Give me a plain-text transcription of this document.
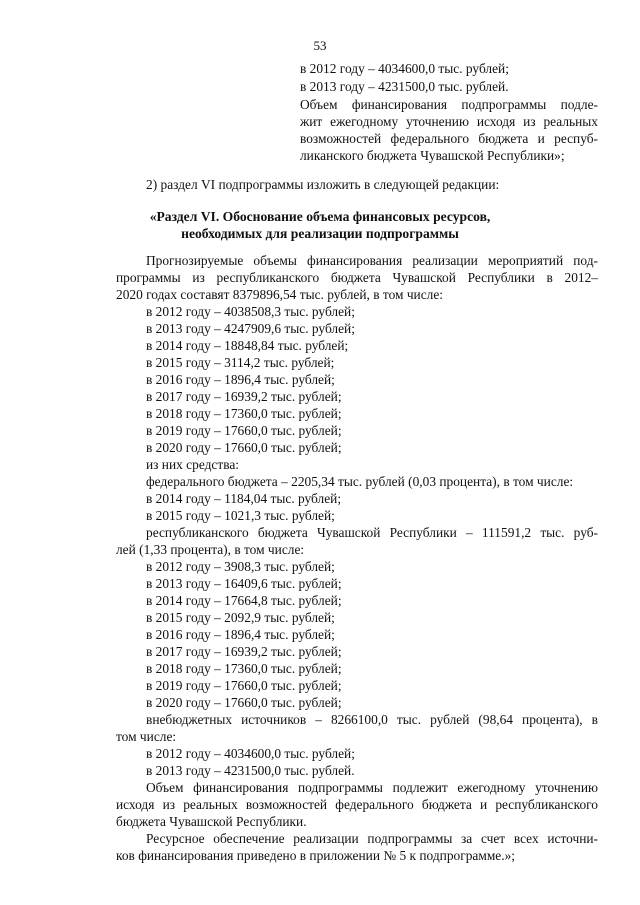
53
в 2012 году – 4034600,0 тыс. рублей;
в 2013 году – 4231500,0 тыс. рублей.
Объем финансирования подпрограммы подле-
жит ежегодному уточнению исходя из реальных
возможностей федерального бюджета и респуб-
ликанского бюджета Чувашской Республики»;
2) раздел VI подпрограммы изложить в следующей редакции:
«Раздел VI. Обоснование объема финансовых ресурсов,
необходимых для реализации подпрограммы
Прогнозируемые объемы финансирования реализации мероприятий под-
программы из республиканского бюджета Чувашской Республики в 2012–
2020 годах составят 8379896,54 тыс. рублей, в том числе:
в 2012 году – 4038508,3 тыс. рублей;
в 2013 году – 4247909,6 тыс. рублей;
в 2014 году – 18848,84 тыс. рублей;
в 2015 году – 3114,2 тыс. рублей;
в 2016 году – 1896,4 тыс. рублей;
в 2017 году – 16939,2 тыс. рублей;
в 2018 году – 17360,0 тыс. рублей;
в 2019 году – 17660,0 тыс. рублей;
в 2020 году – 17660,0 тыс. рублей;
из них средства:
федерального бюджета – 2205,34 тыс. рублей (0,03 процента), в том числе:
в 2014 году – 1184,04 тыс. рублей;
в 2015 году – 1021,3 тыс. рублей;
республиканского бюджета Чувашской Республики – 111591,2 тыс. руб-
лей (1,33 процента), в том числе:
в 2012 году – 3908,3 тыс. рублей;
в 2013 году – 16409,6 тыс. рублей;
в 2014 году – 17664,8 тыс. рублей;
в 2015 году – 2092,9 тыс. рублей;
в 2016 году – 1896,4 тыс. рублей;
в 2017 году – 16939,2 тыс. рублей;
в 2018 году – 17360,0 тыс. рублей;
в 2019 году – 17660,0 тыс. рублей;
в 2020 году – 17660,0 тыс. рублей;
внебюджетных источников – 8266100,0 тыс. рублей (98,64 процента), в
том числе:
в 2012 году – 4034600,0 тыс. рублей;
в 2013 году – 4231500,0 тыс. рублей.
Объем финансирования подпрограммы подлежит ежегодному уточнению
исходя из реальных возможностей федерального бюджета и республиканского
бюджета Чувашской Республики.
Ресурсное обеспечение реализации подпрограммы за счет всех источни-
ков финансирования приведено в приложении № 5 к подпрограмме.»;
